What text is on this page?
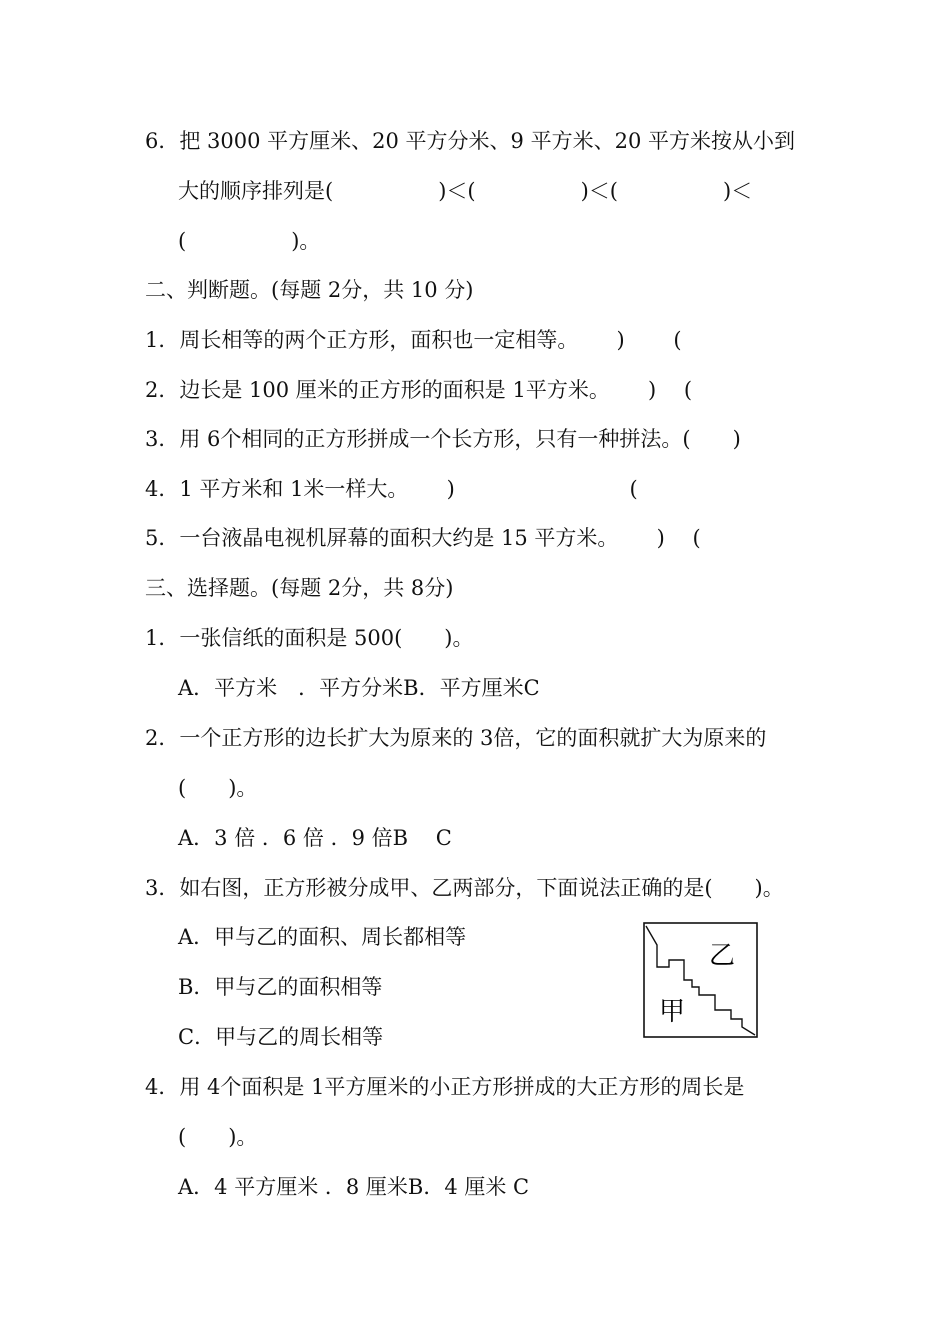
6．把 3000 平方厘米、20 平方分米、9 平方米、20 平方米按从小到
大的顺序排列是(　　　　　)＜(　　　　　)＜(　　　　　)＜
(　　　　　)。
二、判断题。(每题 2分，共 10 分)
1．周长相等的两个正方形，面积也一定相等。　　 )　　 (
2．边长是 100 厘米的正方形的面积是 1平方米。　　 )　 (
3．用 6个相同的正方形拼成一个长方形，只有一种拼法。(　　)
4．1 平方米和 1米一样大。　　 )　　　　　　　　 (
5．一台液晶电视机屏幕的面积大约是 15 平方米。　　 )　 (
三、选择题。(每题 2分，共 8分)
1．一张信纸的面积是 500(　　)。
A．平方米　．平方分米B．平方厘米C
2．一个正方形的边长扩大为原来的 3倍，它的面积就扩大为原来的
(　　)。
A．3 倍 ．6 倍 ．9 倍B　 C
3．如右图，正方形被分成甲、乙两部分，下面说法正确的是(　　)。
A．甲与乙的面积、周长都相等
B．甲与乙的面积相等
C．甲与乙的周长相等
乙
甲
4．用 4个面积是 1平方厘米的小正方形拼成的大正方形的周长是
(　　)。
A．4 平方厘米 ．8 厘米B．4 厘米 C
